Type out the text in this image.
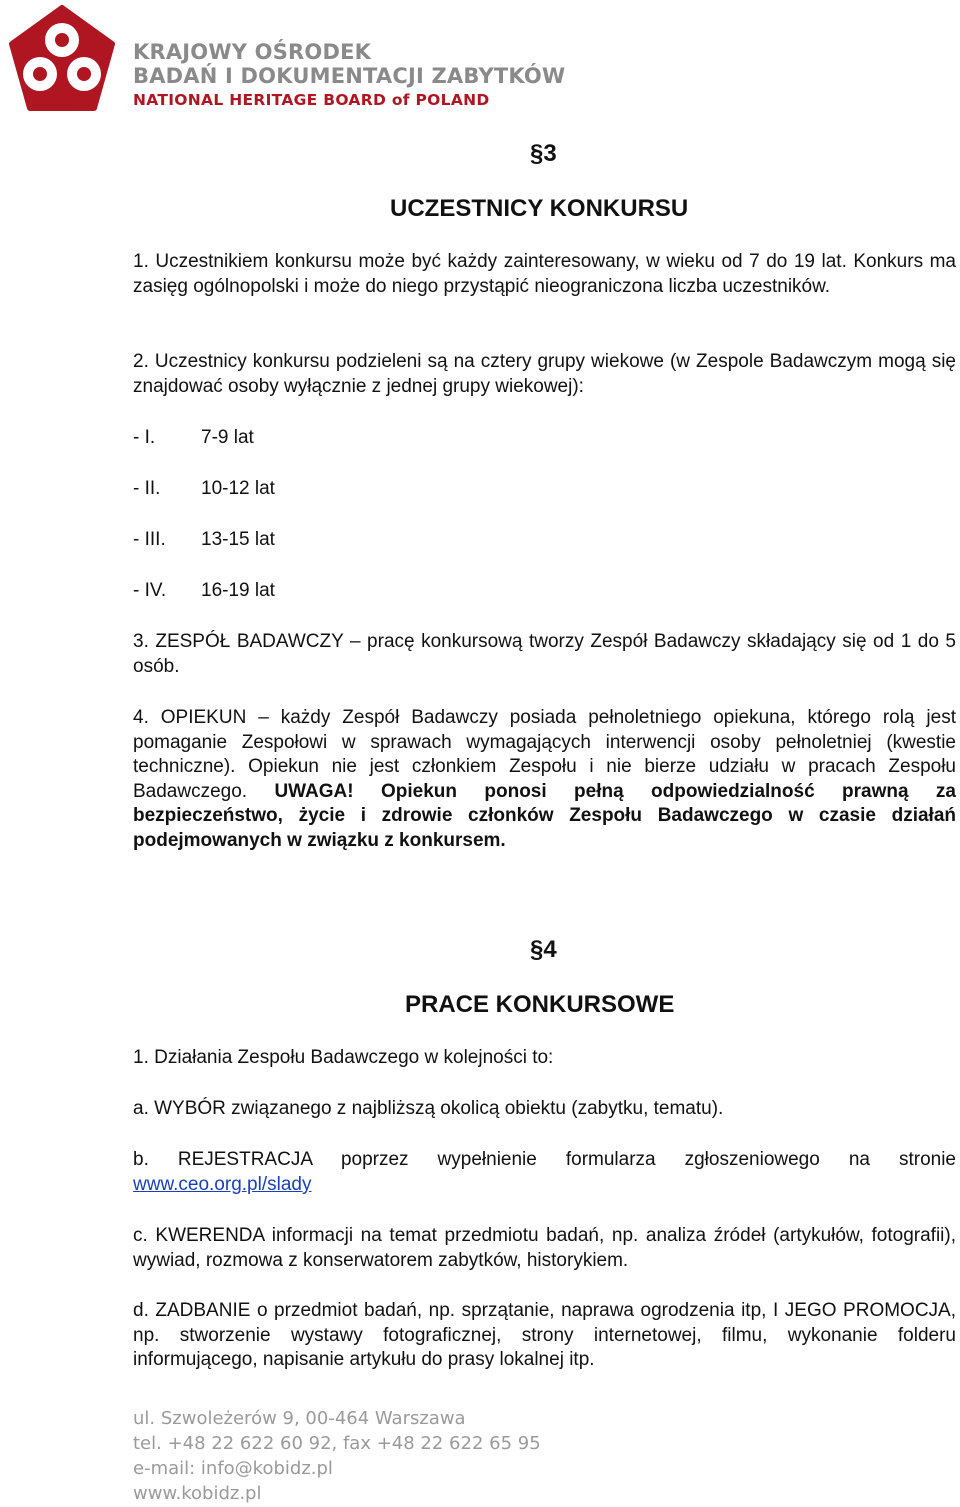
KRAJOWY OŚRODEK
BADAŃ I DOKUMENTACJI ZABYTKÓW
NATIONAL HERITAGE BOARD of POLAND
§3
UCZESTNICY KONKURSU

1. Uczestnikiem konkursu może być każdy zainteresowany, w wieku od 7 do 19 lat. Konkurs ma zasięg ogólnopolski i może do niego przystąpić nieograniczona liczba uczestników.

2. Uczestnicy konkursu podzieleni są na cztery grupy wiekowe (w Zespole Badawczym mogą się znajdować osoby wyłącznie z jednej grupy wiekowej):

- I. 7-9 lat
- II. 10-12 lat
- III. 13-15 lat
- IV. 16-19 lat

3. ZESPÓŁ BADAWCZY – pracę konkursową tworzy Zespół Badawczy składający się od 1 do 5 osób.

4. OPIEKUN – każdy Zespół Badawczy posiada pełnoletniego opiekuna, którego rolą jest pomaganie Zespołowi w sprawach wymagających interwencji osoby pełnoletniej (kwestie techniczne). Opiekun nie jest członkiem Zespołu i nie bierze udziału w pracach Zespołu Badawczego. UWAGA! Opiekun ponosi pełną odpowiedzialność prawną za bezpieczeństwo, życie i zdrowie członków Zespołu Badawczego w czasie działań podejmowanych w związku z konkursem.

§4
PRACE KONKURSOWE
1. Działania Zespołu Badawczego w kolejności to:
a. WYBÓR związanego z najbliższą okolicą obiektu (zabytku, tematu).

b. REJESTRACJA poprzez wypełnienie formularza zgłoszeniowego na stronie

www.ceo.org.pl/slady

c. KWERENDA informacji na temat przedmiotu badań, np. analiza źródeł (artykułów, fotografii), wywiad, rozmowa z konserwatorem zabytków, historykiem.

d. ZADBANIE o przedmiot badań, np. sprzątanie, naprawa ogrodzenia itp, I JEGO PROMOCJA, np. stworzenie wystawy fotograficznej, strony internetowej, filmu, wykonanie folderu informującego, napisanie artykułu do prasy lokalnej itp.

ul. Szwoleżerów 9, 00-464 Warszawa
tel. +48 22 622 60 92, fax +48 22 622 65 95
e-mail: info@kobidz.pl
www.kobidz.pl
